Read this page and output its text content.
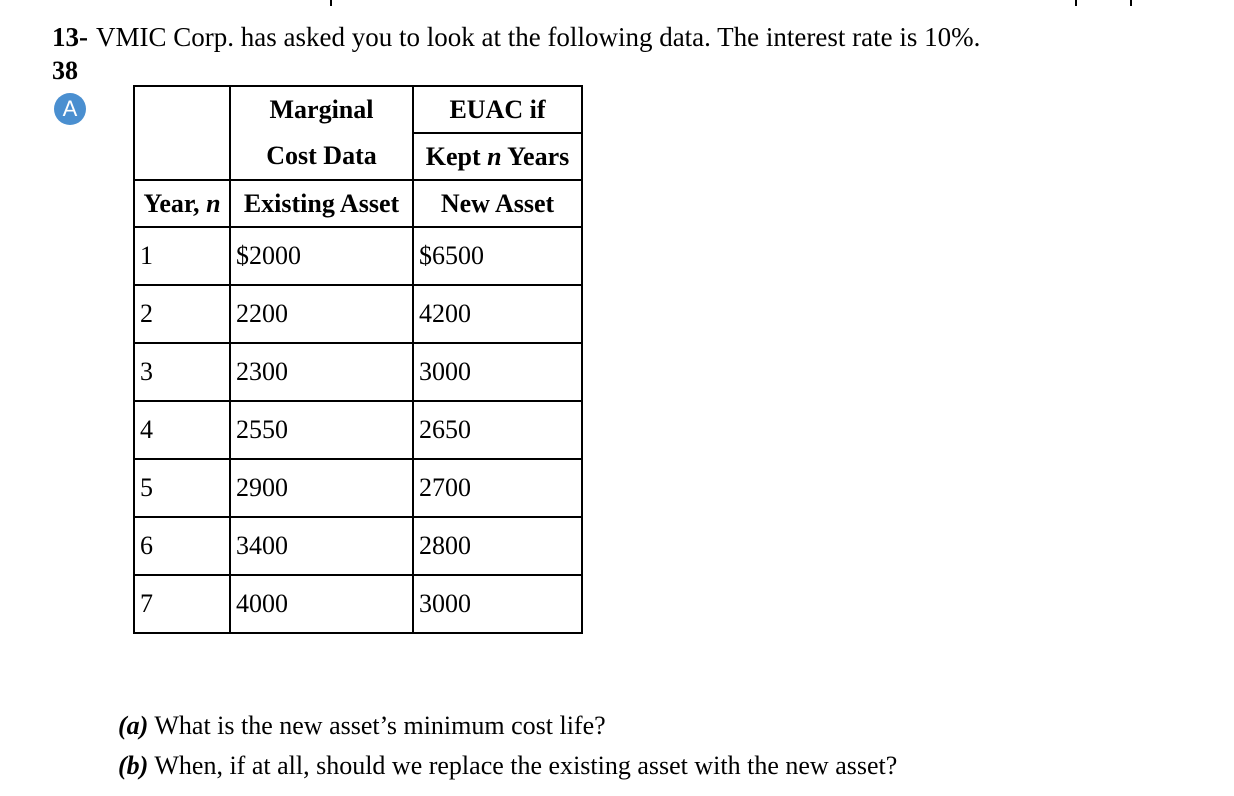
13- VMIC Corp. has asked you to look at the following data. The interest rate is 10%.
38
A
		Marginal	EUAC if
	Cost Data	Kept n Years
Year, n	Existing Asset	New Asset
1	$2000	$6500
2	2200	4200
3	2300	3000
4	2550	2650
5	2900	2700
6	3400	2800
7	4000	3000
(a) What is the new asset’s minimum cost life?
(b) When, if at all, should we replace the existing asset with the new asset?
